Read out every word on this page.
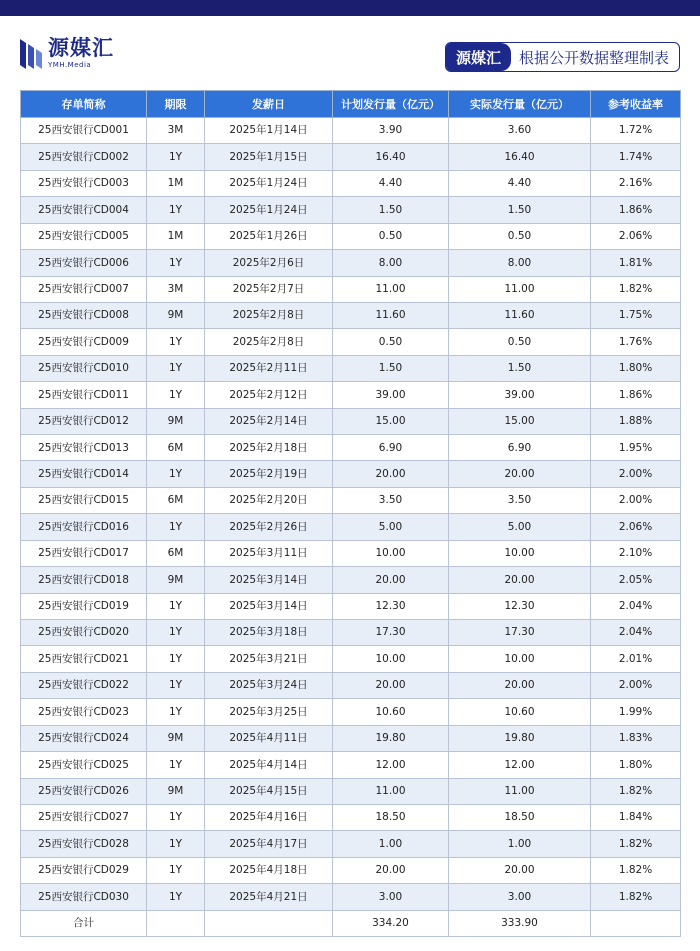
源媒汇
YMH.Media	源媒汇	根据公开数据整理制表
存单简称	期限	发薪日	计划发行量（亿元）	实际发行量（亿元）	参考收益率
25西安银行CD001	3M	2025年1月14日	3.90	3.60	1.72%
25西安银行CD002	1Y	2025年1月15日	16.40	16.40	1.74%
25西安银行CD003	1M	2025年1月24日	4.40	4.40	2.16%
25西安银行CD004	1Y	2025年1月24日	1.50	1.50	1.86%
25西安银行CD005	1M	2025年1月26日	0.50	0.50	2.06%
25西安银行CD006	1Y	2025年2月6日	8.00	8.00	1.81%
25西安银行CD007	3M	2025年2月7日	11.00	11.00	1.82%
25西安银行CD008	9M	2025年2月8日	11.60	11.60	1.75%
25西安银行CD009	1Y	2025年2月8日	0.50	0.50	1.76%
25西安银行CD010	1Y	2025年2月11日	1.50	1.50	1.80%
25西安银行CD011	1Y	2025年2月12日	39.00	39.00	1.86%
25西安银行CD012	9M	2025年2月14日	15.00	15.00	1.88%
25西安银行CD013	6M	2025年2月18日	6.90	6.90	1.95%
25西安银行CD014	1Y	2025年2月19日	20.00	20.00	2.00%
25西安银行CD015	6M	2025年2月20日	3.50	3.50	2.00%
25西安银行CD016	1Y	2025年2月26日	5.00	5.00	2.06%
25西安银行CD017	6M	2025年3月11日	10.00	10.00	2.10%
25西安银行CD018	9M	2025年3月14日	20.00	20.00	2.05%
25西安银行CD019	1Y	2025年3月14日	12.30	12.30	2.04%
25西安银行CD020	1Y	2025年3月18日	17.30	17.30	2.04%
25西安银行CD021	1Y	2025年3月21日	10.00	10.00	2.01%
25西安银行CD022	1Y	2025年3月24日	20.00	20.00	2.00%
25西安银行CD023	1Y	2025年3月25日	10.60	10.60	1.99%
25西安银行CD024	9M	2025年4月11日	19.80	19.80	1.83%
25西安银行CD025	1Y	2025年4月14日	12.00	12.00	1.80%
25西安银行CD026	9M	2025年4月15日	11.00	11.00	1.82%
25西安银行CD027	1Y	2025年4月16日	18.50	18.50	1.84%
25西安银行CD028	1Y	2025年4月17日	1.00	1.00	1.82%
25西安银行CD029	1Y	2025年4月18日	20.00	20.00	1.82%
25西安银行CD030	1Y	2025年4月21日	3.00	3.00	1.82%
合计			334.20	333.90	
